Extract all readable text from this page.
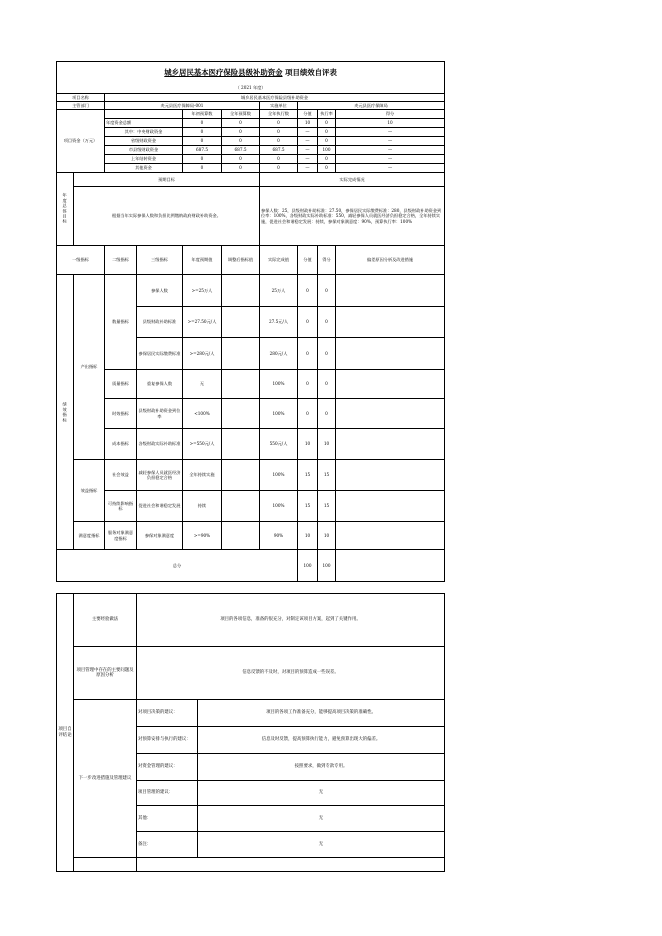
城乡居民基本医疗保险县级补助资金 项目绩效自评表									
（ 2021 年度）									
项目名称		城乡居民基本医疗保险县级补助资金							
主管部门		麦元县医疗保障局-001				实施单位	麦元县医疗保障局		
项目资金（万元）				年初预算数	全年预算数	全年执行数	分值	执行率	得分
		年度资金总额		0	0	0	10	0	10
		其中：中央财政资金		0	0	0	—	0	—
		省级财政资金		0	0	0	—	0	—
		市县级财政资金		687.5	687.5	687.5	—	100	—
		上年结转资金		0	0	0	—	0	—
		其他资金		0	0	0	—	0	—
年度总体目标	预期目标					实际完成情况			
	根据当年实际参保人数和负担比例缴纳政府财政补助资金。					参保人数：25，县级财政补助标准：27.50，参保居民实际缴费标准：280，县级财政补助资金到位率：100%，各级财政实际补助标准：550，减轻参保人员就医经济负担稳定合格，全年持续实施，促进社会和谐稳定发展：持续，参保对象满意度：90%，预算执行率：100%			
一级指标		二级指标	三级指标	年度预期值	调整后指标值	实际完成值	分值	得分	偏差原因分析及改进措施
绩效指标	产出指标	数量指标	参保人数	>=25万人		25万人	0	0	
			县级财政补助标准	>=27.50元/人		27.5元/人	0	0	
			参保居民实际缴费标准	>=280元/人		280元/人	0	0	
		质量指标	重复参保人数	无		100%	0	0	
		时效指标	县级财政补助资金到位率	<100%		100%	0	0	
		成本指标	各级财政实际补助标准	>=550元/人		550元/人	10	10	
	效益指标	社会效益	减轻参保人员就医经济负担稳定合格	全年持续实施		100%	15	15	
		可持续影响指标	促进社会和谐稳定发展	持续		100%	15	15	
	满意度指标	服务对象满意度指标	参保对象满意度	>=90%		90%	10	10	
总分							100	100	
项目自评结论	主要经验做法	项目的各项信息，准备的很充分，对制定该项目方案，起到了关键作用。	
	项目管理中存在的主要问题及原因分析	信息反馈的不及时，对项目的预算造成一些误差。	
	下一步改进措施及管理建议	对项目决策的建议：	项目的各项工作准备充分，能够提高项目决策的准确性。
		对预算安排与执行的建议：	信息及时反馈，提高预算执行能力，避免预算出现大的偏差。
		对资金管理的建议：	按照要求，做到专款专用。
		项目管理的建议：	无
		其他：	无
		备注：	无
